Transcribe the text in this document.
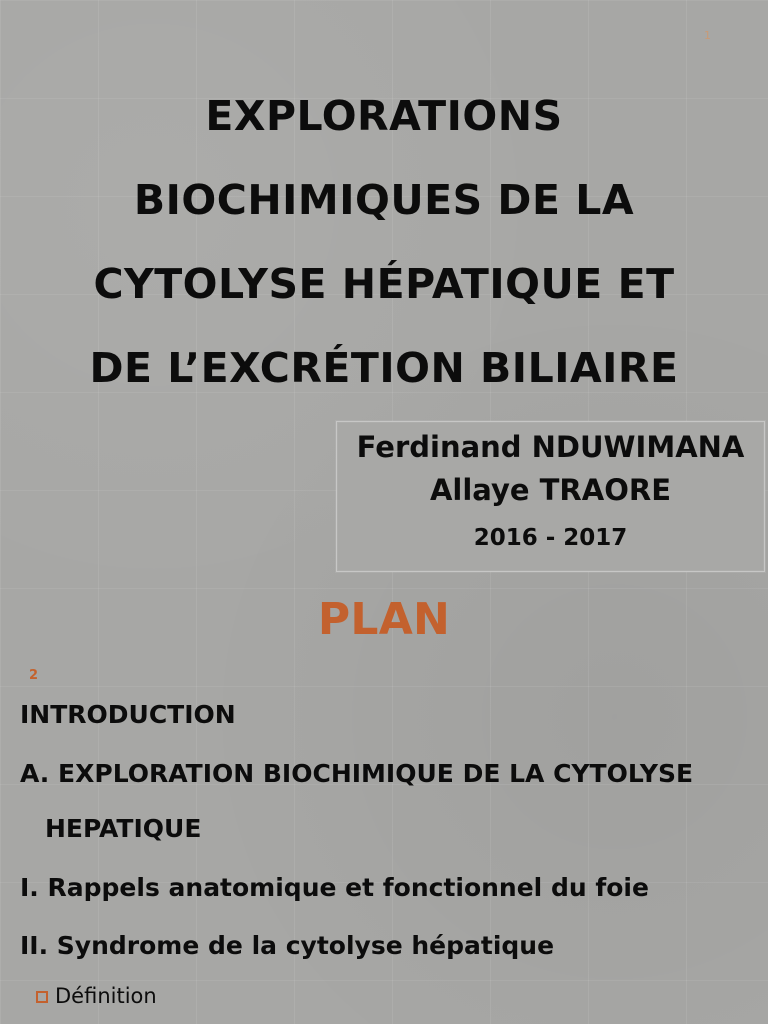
1
EXPLORATIONS
BIOCHIMIQUES DE LA
CYTOLYSE HÉPATIQUE ET
DE L’EXCRÉTION BILIAIRE
Ferdinand NDUWIMANA
Allaye TRAORE
2016 - 2017
PLAN
2
INTRODUCTION
A. EXPLORATION BIOCHIMIQUE DE LA CYTOLYSE
HEPATIQUE
I. Rappels anatomique et fonctionnel du foie
II. Syndrome de la cytolyse hépatique
Définition
